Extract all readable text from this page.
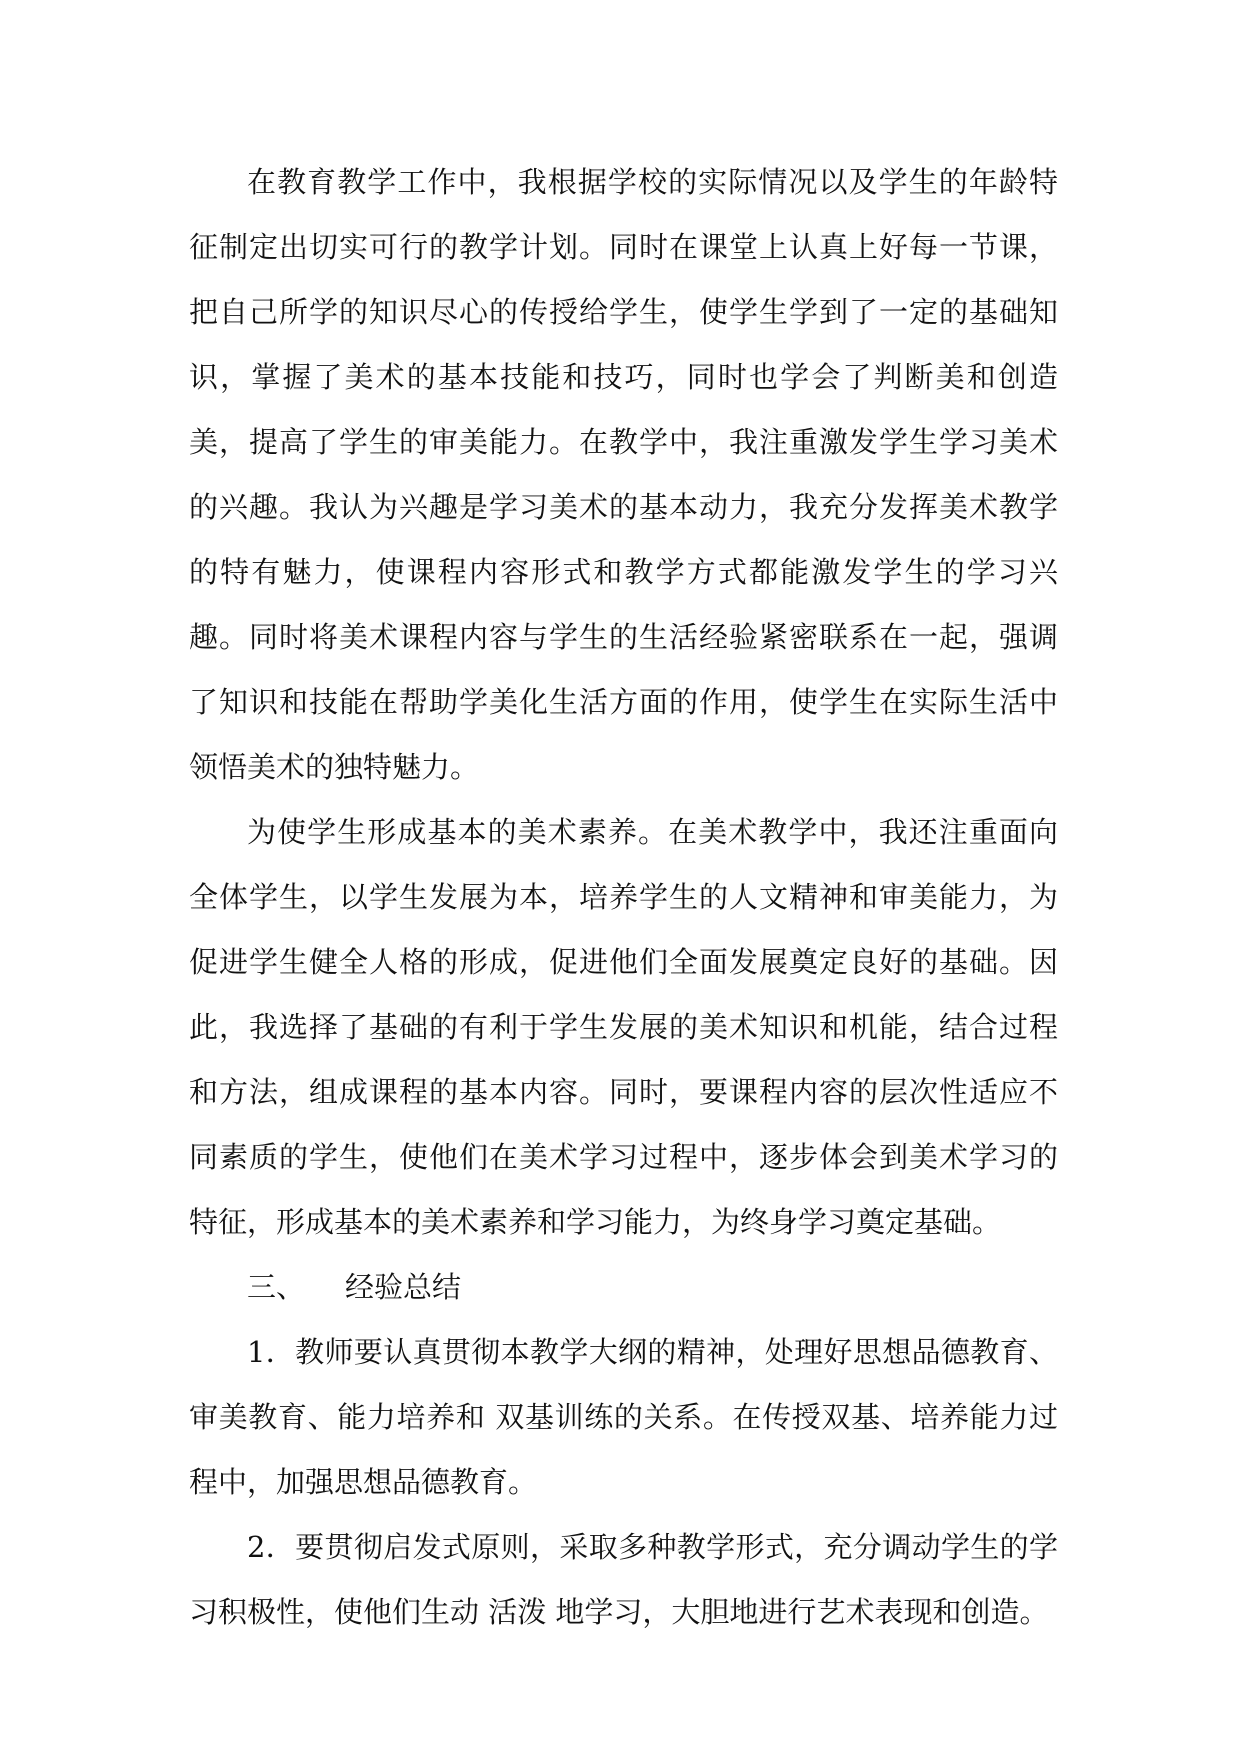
在教育教学工作中，我根据学校的实际情况以及学生的年龄特征制定出切实可行的教学计划。同时在课堂上认真上好每一节课，把自己所学的知识尽心的传授给学生，使学生学到了一定的基础知识，掌握了美术的基本技能和技巧，同时也学会了判断美和创造美，提高了学生的审美能力。在教学中，我注重激发学生学习美术的兴趣。我认为兴趣是学习美术的基本动力，我充分发挥美术教学的特有魅力，使课程内容形式和教学方式都能激发学生的学习兴趣。同时将美术课程内容与学生的生活经验紧密联系在一起，强调了知识和技能在帮助学美化生活方面的作用，使学生在实际生活中领悟美术的独特魅力。

为使学生形成基本的美术素养。在美术教学中，我还注重面向全体学生，以学生发展为本，培养学生的人文精神和审美能力，为促进学生健全人格的形成，促进他们全面发展奠定良好的基础。因此，我选择了基础的有利于学生发展的美术知识和机能，结合过程和方法，组成课程的基本内容。同时，要课程内容的层次性适应不同素质的学生，使他们在美术学习过程中，逐步体会到美术学习的特征，形成基本的美术素养和学习能力，为终身学习奠定基础。

三、 经验总结

1．教师要认真贯彻本教学大纲的精神，处理好思想品德教育、审美教育、能力培养和 双基训练的关系。在传授双基、培养能力过程中，加强思想品德教育。

2．要贯彻启发式原则，采取多种教学形式，充分调动学生的学习积极性，使他们生动 活泼 地学习，大胆地进行艺术表现和创造。
